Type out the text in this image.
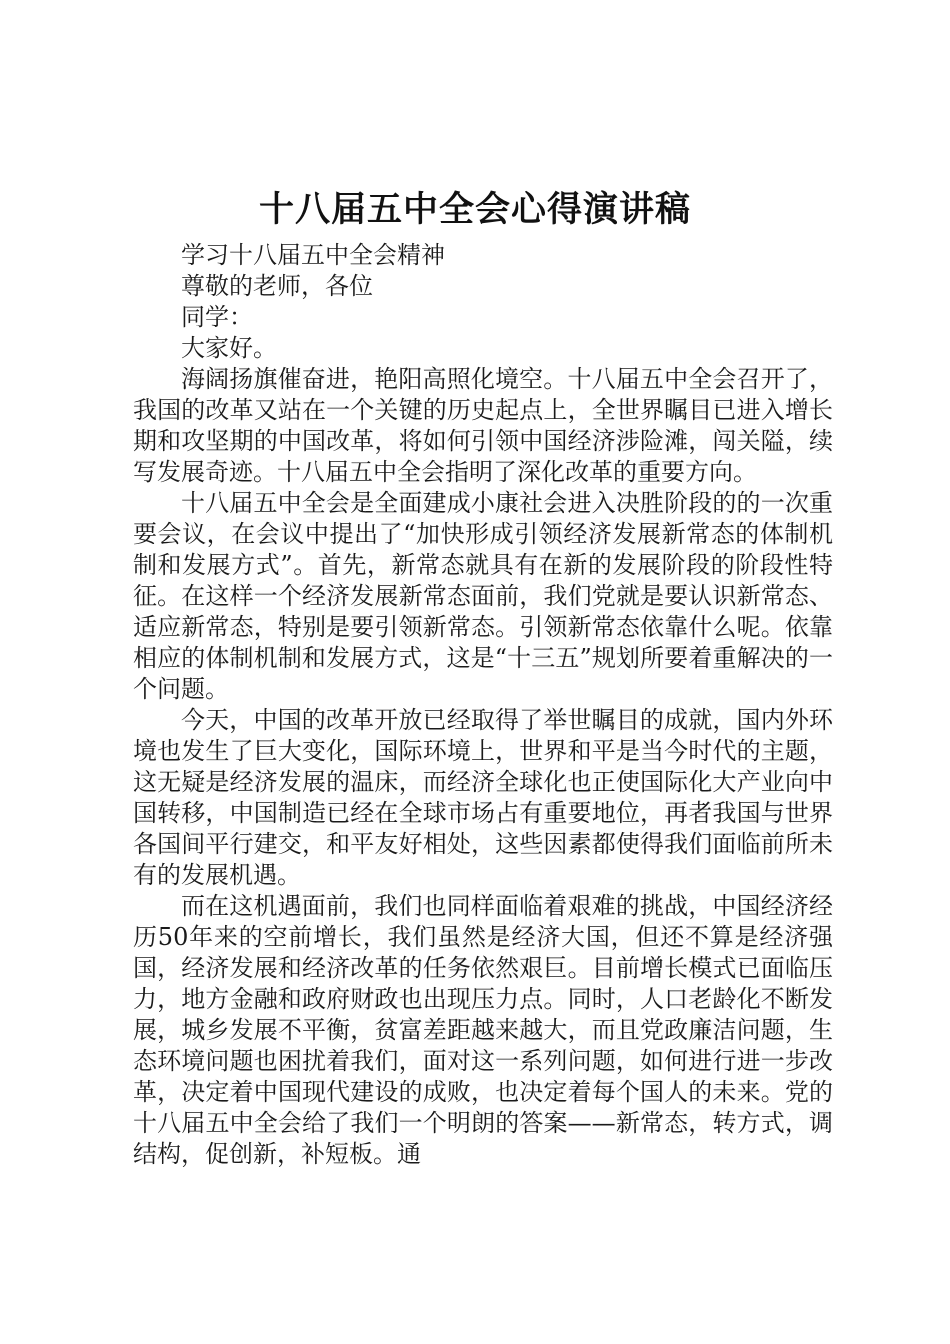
十八届五中全会心得演讲稿

学习十八届五中全会精神

尊敬的老师，各位

同学：

大家好。

海阔扬旗催奋进，艳阳高照化境空。十八届五中全会召开了，我国的改革又站在一个关键的历史起点上，全世界瞩目已进入增长期和攻坚期的中国改革，将如何引领中国经济涉险滩，闯关隘，续写发展奇迹。十八届五中全会指明了深化改革的重要方向。

十八届五中全会是全面建成小康社会进入决胜阶段的的一次重要会议，在会议中提出了“加快形成引领经济发展新常态的体制机制和发展方式”。首先，新常态就具有在新的发展阶段的阶段性特征。在这样一个经济发展新常态面前，我们党就是要认识新常态、适应新常态，特别是要引领新常态。引领新常态依靠什么呢。依靠相应的体制机制和发展方式，这是“十三五”规划所要着重解决的一个问题。

今天，中国的改革开放已经取得了举世瞩目的成就，国内外环境也发生了巨大变化，国际环境上，世界和平是当今时代的主题，这无疑是经济发展的温床，而经济全球化也正使国际化大产业向中国转移，中国制造已经在全球市场占有重要地位，再者我国与世界各国间平行建交，和平友好相处，这些因素都使得我们面临前所未有的发展机遇。

而在这机遇面前，我们也同样面临着艰难的挑战，中国经济经历50年来的空前增长，我们虽然是经济大国，但还不算是经济强国，经济发展和经济改革的任务依然艰巨。目前增长模式已面临压力，地方金融和政府财政也出现压力点。同时，人口老龄化不断发展，城乡发展不平衡，贫富差距越来越大，而且党政廉洁问题，生态环境问题也困扰着我们，面对这一系列问题，如何进行进一步改革，决定着中国现代建设的成败，也决定着每个国人的未来。党的十八届五中全会给了我们一个明朗的答案——新常态，转方式，调结构，促创新，补短板。通
